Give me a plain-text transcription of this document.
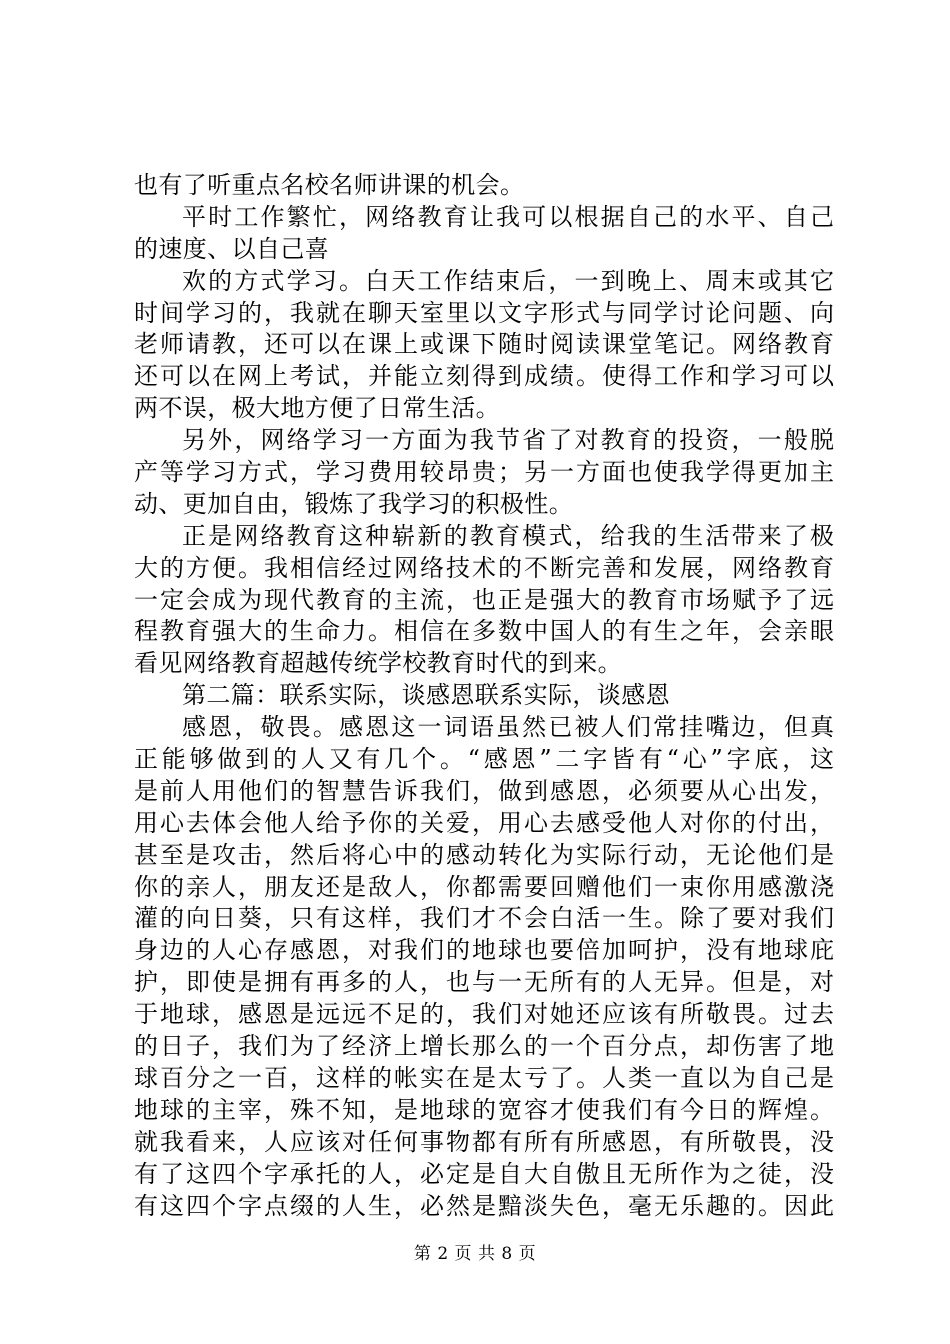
也有了听重点名校名师讲课的机会。
平时工作繁忙，网络教育让我可以根据自己的水平、自己
的速度、以自己喜
欢的方式学习。白天工作结束后，一到晚上、周末或其它
时间学习的，我就在聊天室里以文字形式与同学讨论问题、向
老师请教，还可以在课上或课下随时阅读课堂笔记。网络教育
还可以在网上考试，并能立刻得到成绩。使得工作和学习可以
两不误，极大地方便了日常生活。
另外，网络学习一方面为我节省了对教育的投资，一般脱
产等学习方式，学习费用较昂贵；另一方面也使我学得更加主
动、更加自由，锻炼了我学习的积极性。
正是网络教育这种崭新的教育模式，给我的生活带来了极
大的方便。我相信经过网络技术的不断完善和发展，网络教育
一定会成为现代教育的主流，也正是强大的教育市场赋予了远
程教育强大的生命力。相信在多数中国人的有生之年，会亲眼
看见网络教育超越传统学校教育时代的到来。
第二篇：联系实际，谈感恩联系实际，谈感恩
感恩，敬畏。感恩这一词语虽然已被人们常挂嘴边，但真
正能够做到的人又有几个。“感恩”二字皆有“心”字底，这
是前人用他们的智慧告诉我们，做到感恩，必须要从心出发，
用心去体会他人给予你的关爱，用心去感受他人对你的付出，
甚至是攻击，然后将心中的感动转化为实际行动，无论他们是
你的亲人，朋友还是敌人，你都需要回赠他们一束你用感激浇
灌的向日葵，只有这样，我们才不会白活一生。除了要对我们
身边的人心存感恩，对我们的地球也要倍加呵护，没有地球庇
护，即使是拥有再多的人，也与一无所有的人无异。但是，对
于地球，感恩是远远不足的，我们对她还应该有所敬畏。过去
的日子，我们为了经济上增长那么的一个百分点，却伤害了地
球百分之一百，这样的帐实在是太亏了。人类一直以为自己是
地球的主宰，殊不知，是地球的宽容才使我们有今日的辉煌。
就我看来，人应该对任何事物都有所有所感恩，有所敬畏，没
有了这四个字承托的人，必定是自大自傲且无所作为之徒，没
有这四个字点缀的人生，必然是黯淡失色，毫无乐趣的。因此
第 2 页 共 8 页
